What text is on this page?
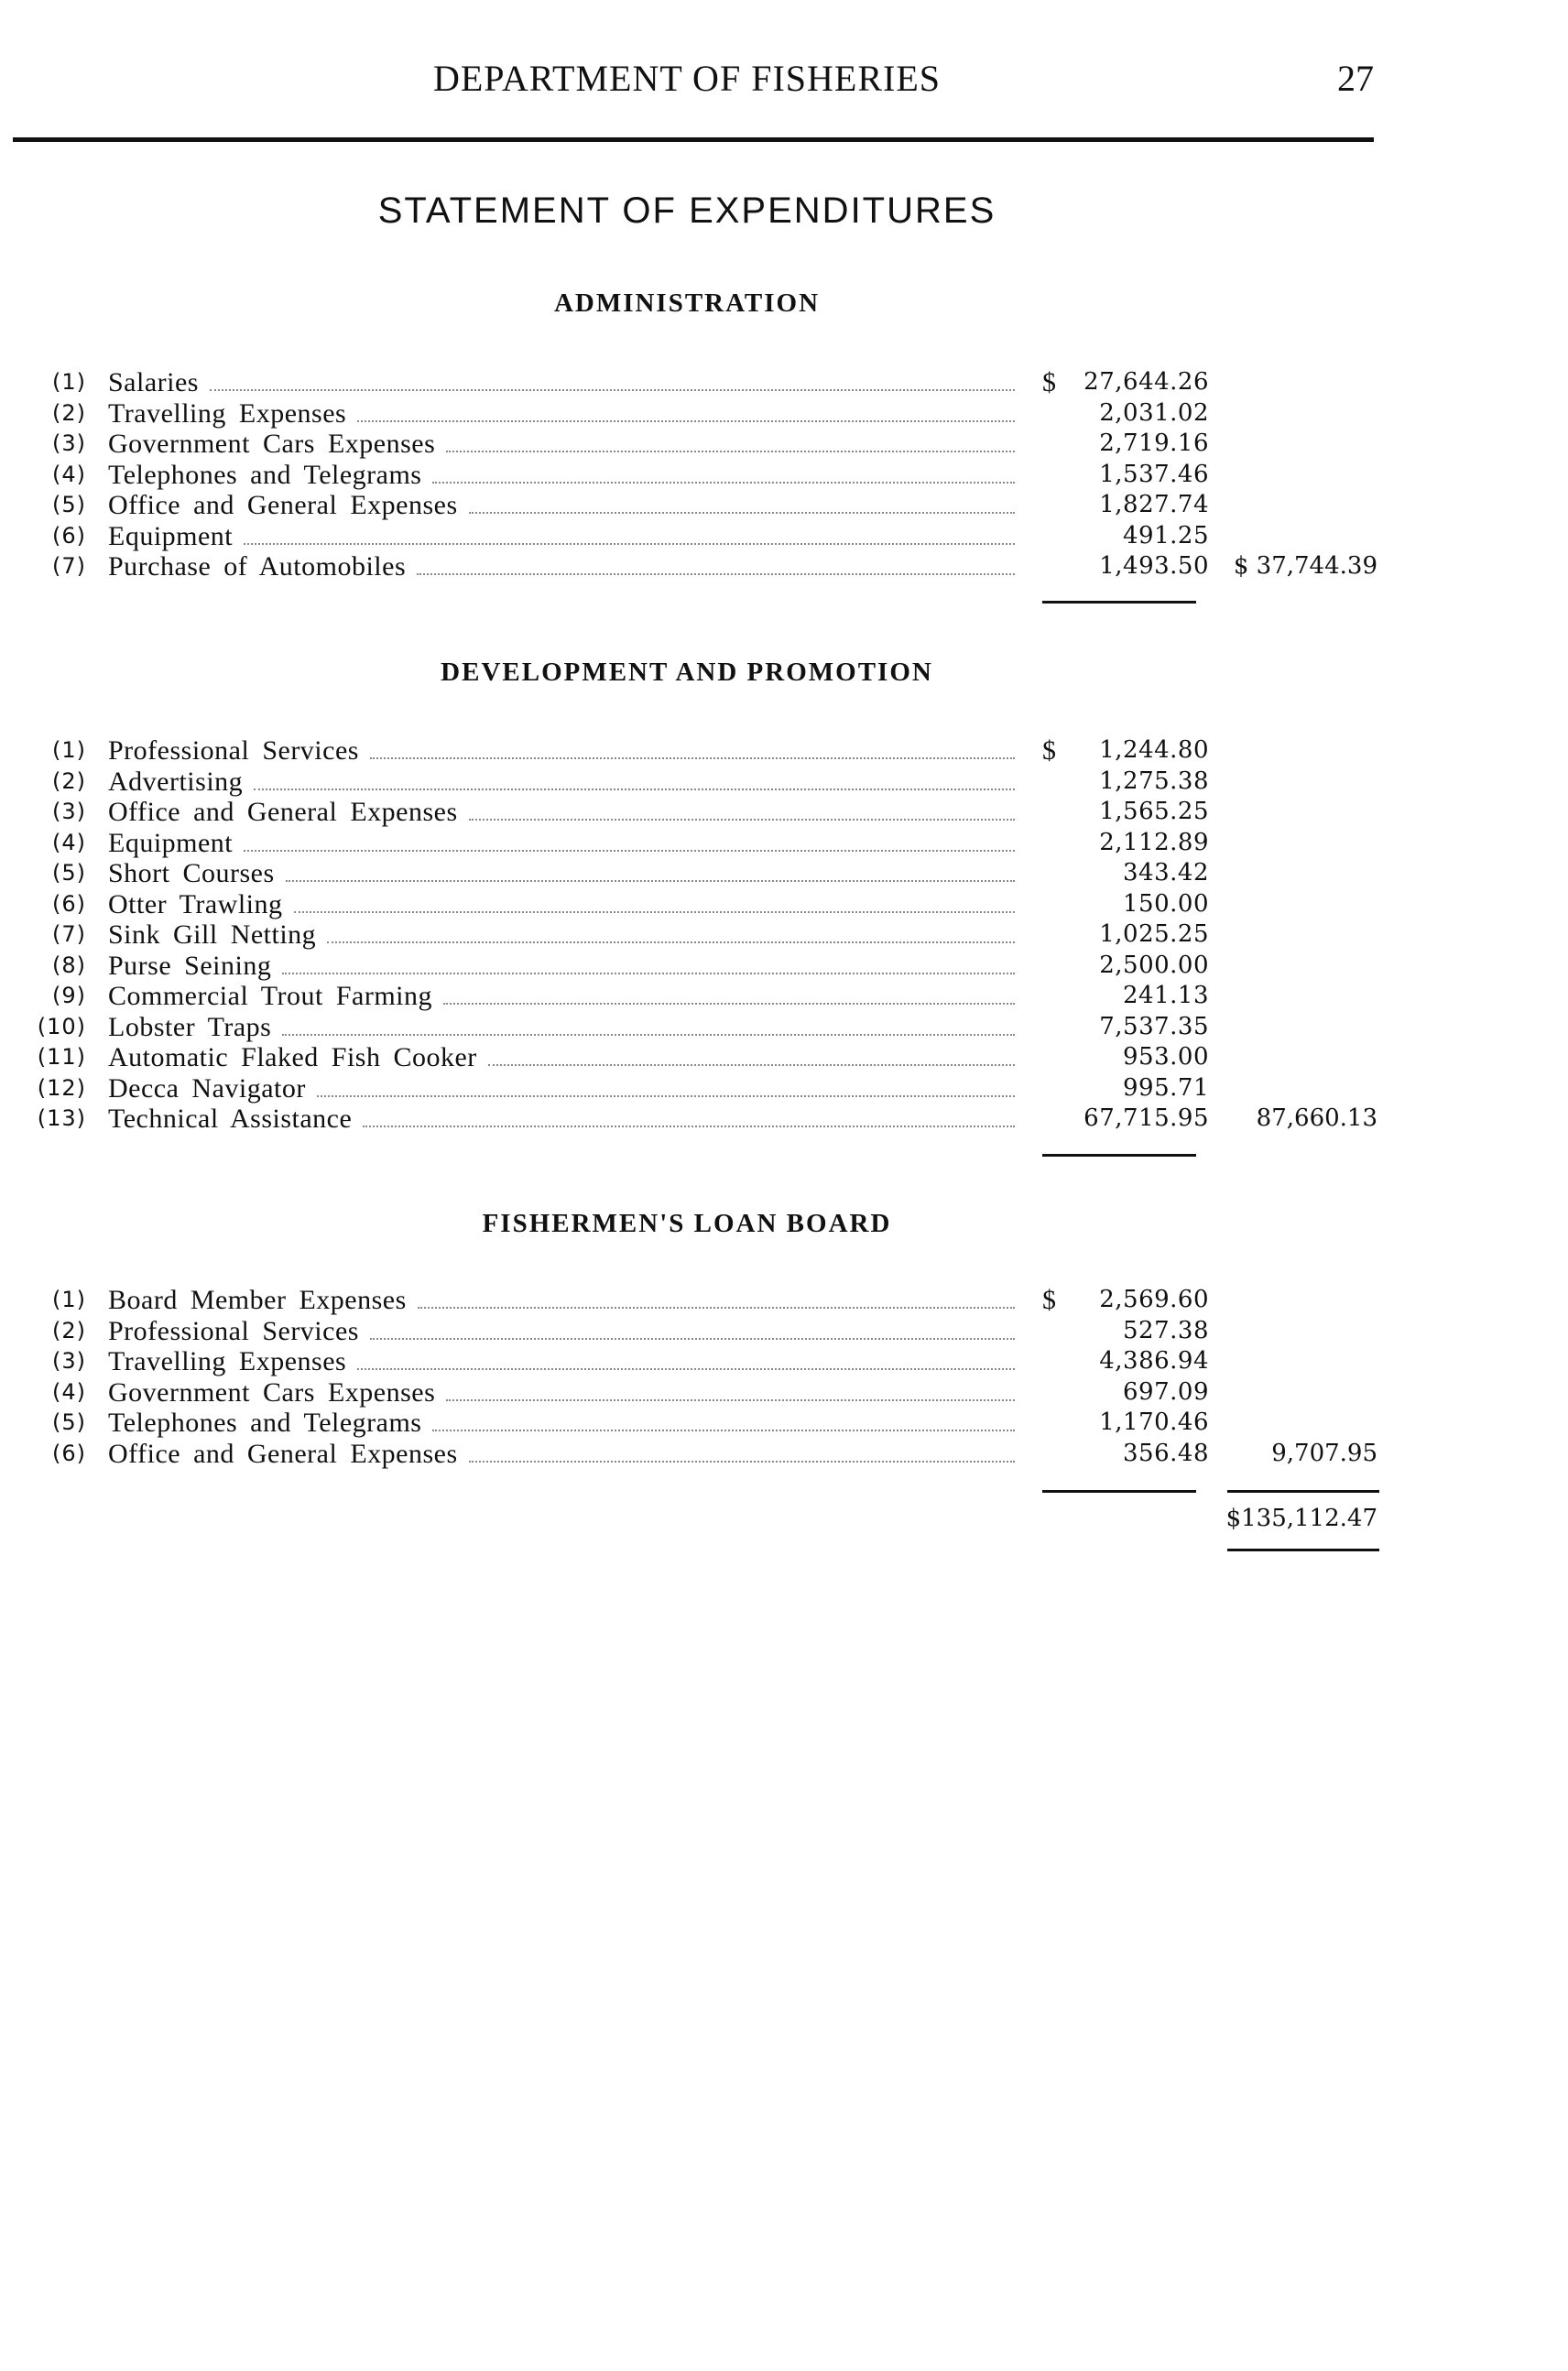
DEPARTMENT OF FISHERIES	27
STATEMENT OF EXPENDITURES
ADMINISTRATION
(1) Salaries	$ 27,644.26
(2) Travelling Expenses	2,031.02
(3) Government Cars Expenses	2,719.16
(4) Telephones and Telegrams	1,537.46
(5) Office and General Expenses	1,827.74
(6) Equipment	491.25
(7) Purchase of Automobiles	1,493.50 $ 37,744.39
DEVELOPMENT AND PROMOTION
(1) Professional Services	$ 1,244.80
(2) Advertising	1,275.38
(3) Office and General Expenses	1,565.25
(4) Equipment	2,112.89
(5) Short Courses	343.42
(6) Otter Trawling	150.00
(7) Sink Gill Netting	1,025.25
(8) Purse Seining	2,500.00
(9) Commercial Trout Farming	241.13
(10) Lobster Traps	7,537.35
(11) Automatic Flaked Fish Cooker	953.00
(12) Decca Navigator	995.71
(13) Technical Assistance	67,715.95 87,660.13
FISHERMEN'S LOAN BOARD
(1) Board Member Expenses	$ 2,569.60
(2) Professional Services	527.38
(3) Travelling Expenses	4,386.94
(4) Government Cars Expenses	697.09
(5) Telephones and Telegrams	1,170.46
(6) Office and General Expenses	356.48	9,707.95
$135,112.47
